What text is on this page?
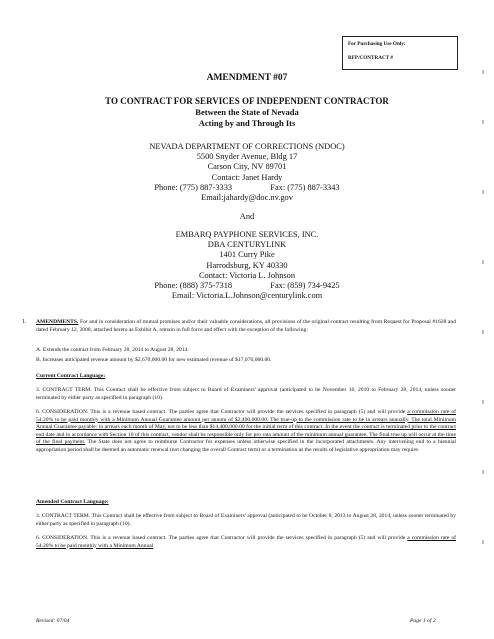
For Purchasing Use Only:
RFP/CONTRACT #
AMENDMENT #07
TO CONTRACT FOR SERVICES OF INDEPENDENT CONTRACTOR
Between the State of Nevada
Acting by and Through Its
NEVADA DEPARTMENT OF CORRECTIONS (NDOC)
5500 Snyder Avenue, Bldg 17
Carson City, NV 89701
Contact: Janet Hardy
Phone: (775) 887-3333	Fax: (775) 887-3343
Email:jahardy@doc.nv.gov
And
EMBARQ PAYPHONE SERVICES, INC.
DBA CENTURYLINK
1401 Curry Pike
Harrodsburg, KY 40330
Contact: Victoria L. Johnson
Phone: (888) 375-7318	Fax: (859) 734-9425
Email: Victoria.L.Johnson@centurylink.com
1. AMENDMENTS. For and in consideration of mutual promises and/or their valuable considerations, all provisions of the original contract resulting from Request for Proposal #1628 and dated February 12, 2008, attached hereto as Exhibit A, remain in full force and effect with the exception of the following:
A. Extends the contract from February 28, 2014 to August 28, 2014.
B. Increases anticipated revenue amount by $2,670,000.00 for new estimated revenue of $17,070,000.00.
Current Contract Language:
3. CONTRACT TERM. This Contract shall be effective from subject to Board of Examiners' approval (anticipated to be November 16, 2010 to February 28, 2014, unless sooner terminated by either party as specified in paragraph (10).
6. CONSIDERATION. This is a revenue based contract. The parties agree that Contractor will provide the services specified in paragraph (5) and will provide a commission rate of 54.20% to be paid monthly with a Minimum Annual Guarantee amount per annum of $2,400,000.00. The true-up to the commission rate to be in arrears annually. The total Minimum Annual Guarantee payable: in arrears each month of May, not to be less than $14,400,000.00 for the initial term of this contract. In the event the contract is terminated prior to the contract end date and in accordance with Section 10 of this contract, vendor shall be responsible only for pro rata amount of the minimum annual guarantee. The final true up will occur at the time of the final payment. The State does not agree to reimburse Contractor for expenses unless otherwise specified in the incorporated attachments. Any intervening end to a biennial appropriation period shall be deemed an automatic renewal (not changing the overall Contract term) or a termination as the results of legislative appropriation may require.
Amended Contract Language:
3. CONTRACT TERM. This Contract shall be effective from subject to Board of Examiners' approval (anticipated to be October 8, 2013 to August 28, 2014, unless sooner terminated by either party as specified in paragraph (10).
6. CONSIDERATION. This is a revenue based contract. The parties agree that Contractor will provide the services specified in paragraph (5) and will provide a commission rate of 54.20% to be paid monthly with a Minimum Annual
Revised: 07/04	Page 1 of 2
